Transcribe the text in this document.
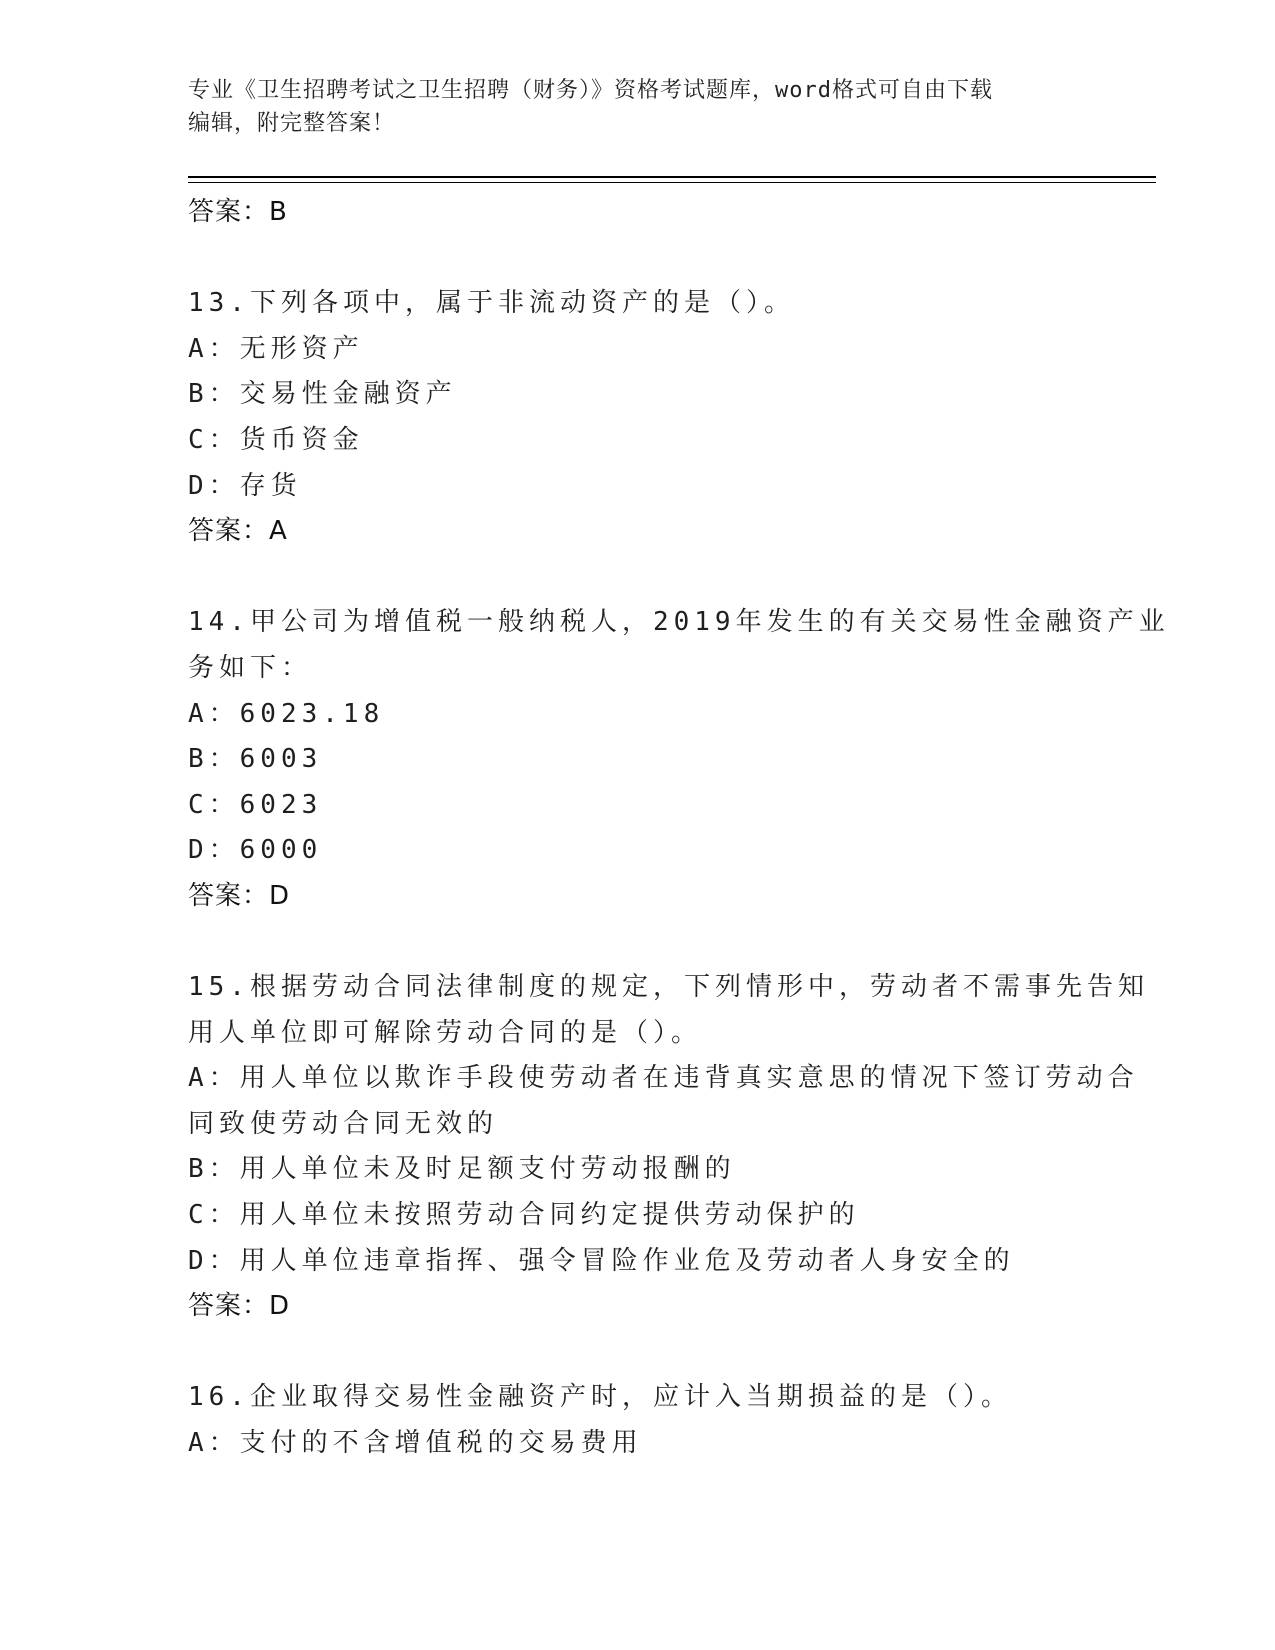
专业《卫生招聘考试之卫生招聘（财务）》资格考试题库，word格式可自由下载
编辑，附完整答案！
答案：B
13.下列各项中，属于非流动资产的是（）。
A：无形资产
B：交易性金融资产
C：货币资金
D：存货
答案：A
14.甲公司为增值税一般纳税人，2019年发生的有关交易性金融资产业
务如下：
A：6023.18
B：6003
C：6023
D：6000
答案：D
15.根据劳动合同法律制度的规定，下列情形中，劳动者不需事先告知
用人单位即可解除劳动合同的是（）。
A：用人单位以欺诈手段使劳动者在违背真实意思的情况下签订劳动合
同致使劳动合同无效的
B：用人单位未及时足额支付劳动报酬的
C：用人单位未按照劳动合同约定提供劳动保护的
D：用人单位违章指挥、强令冒险作业危及劳动者人身安全的
答案：D
16.企业取得交易性金融资产时，应计入当期损益的是（）。
A：支付的不含增值税的交易费用
